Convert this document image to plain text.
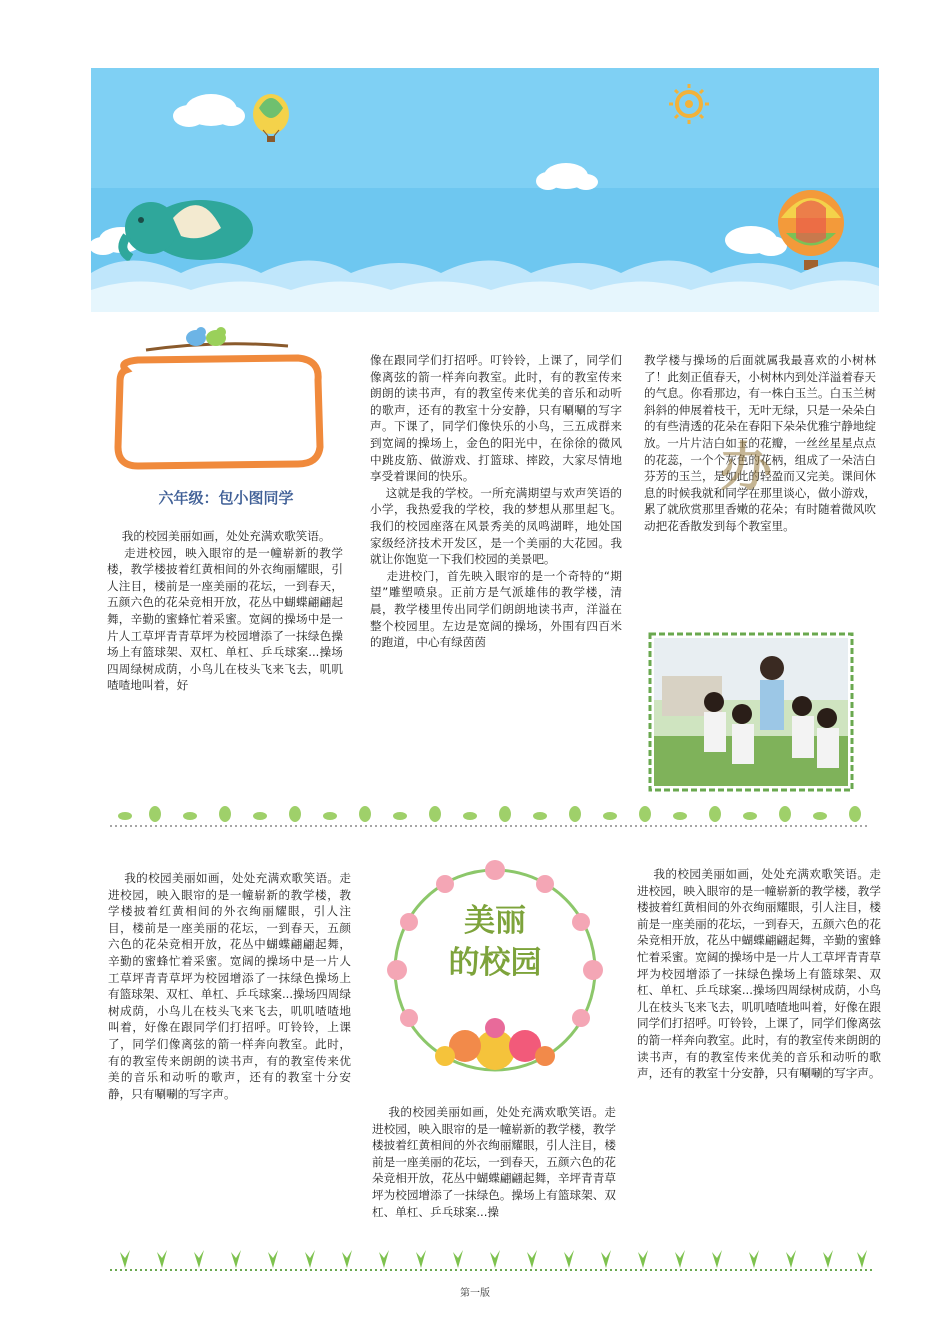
六年级：包小图同学
我的校园美丽如画，处处充满欢歌笑语。
走进校园，映入眼帘的是一幢崭新的教学楼，教学楼披着红黄相间的外衣绚丽耀眼，引人注目，楼前是一座美丽的花坛，一到春天，五颜六色的花朵竞相开放，花丛中蝴蝶翩翩起舞，辛勤的蜜蜂忙着采蜜。宽阔的操场中是一片人工草坪青青草坪为校园增添了一抹绿色操场上有篮球架、双杠、单杠、乒乓球案...操场四周绿树成荫，小鸟儿在枝头飞来飞去，叽叽喳喳地叫着，好
像在跟同学们打招呼。叮铃铃，上课了，同学们像离弦的箭一样奔向教室。此时，有的教室传来朗朗的读书声，有的教室传来优美的音乐和动听的歌声，还有的教室十分安静，只有唰唰的写字声。下课了，同学们像快乐的小鸟，三五成群来到宽阔的操场上，金色的阳光中，在徐徐的微风中跳皮筋、做游戏、打篮球、摔跤，大家尽情地享受着课间的快乐。
这就是我的学校。一所充满期望与欢声笑语的小学，我热爱我的学校，我的梦想从那里起飞。我们的校园座落在风景秀美的凤鸣湖畔，地处国家级经济技术开发区，是一个美丽的大花园。我就让你饱览一下我们校园的美景吧。
走进校门，首先映入眼帘的是一个奇特的“期望”雕塑喷泉。正前方是气派雄伟的教学楼，清晨，教学楼里传出同学们朗朗地读书声，洋溢在整个校园里。左边是宽阔的操场，外围有四百米的跑道，中心有绿茵茵
教学楼与操场的后面就属我最喜欢的小树林了！此刻正值春天，小树林内到处洋溢着春天的气息。你看那边，有一株白玉兰。白玉兰树斜斜的伸展着枝干，无叶无绿，只是一朵朵白的有些清透的花朵在春阳下朵朵优雅宁静地绽放。一片片洁白如玉的花瓣，一丝丝星星点点的花蕊，一个个灰色的花柄，组成了一朵洁白芬芳的玉兰，是如此的轻盈而又完美。课间休息的时候我就和同学在那里谈心，做小游戏，累了就欣赏那里香嫩的花朵；有时随着微风吹动把花香散发到每个教室里。
办
我的校园美丽如画，处处充满欢歌笑语。走进校园，映入眼帘的是一幢崭新的教学楼，教学楼披着红黄相间的外衣绚丽耀眼，引人注目，楼前是一座美丽的花坛，一到春天，五颜六色的花朵竞相开放，花丛中蝴蝶翩翩起舞，辛勤的蜜蜂忙着采蜜。宽阔的操场中是一片人工草坪青青草坪为校园增添了一抹绿色操场上有篮球架、双杠、单杠、乒乓球案...操场四周绿树成荫，小鸟儿在枝头飞来飞去，叽叽喳喳地叫着，好像在跟同学们打招呼。叮铃铃，上课了，同学们像离弦的箭一样奔向教室。此时，有的教室传来朗朗的读书声，有的教室传来优美的音乐和动听的歌声，还有的教室十分安静，只有唰唰的写字声。
美丽
的校园
我的校园美丽如画，处处充满欢歌笑语。走进校园，映入眼帘的是一幢崭新的教学楼，教学楼披着红黄相间的外衣绚丽耀眼，引人注目，楼前是一座美丽的花坛，一到春天，五颜六色的花朵竞相开放，花丛中蝴蝶翩翩起舞，辛坪青青草坪为校园增添了一抹绿色。操场上有篮球架、双杠、单杠、乒乓球案...操
我的校园美丽如画，处处充满欢歌笑语。走进校园，映入眼帘的是一幢崭新的教学楼，教学楼披着红黄相间的外衣绚丽耀眼，引人注目，楼前是一座美丽的花坛，一到春天，五颜六色的花朵竞相开放，花丛中蝴蝶翩翩起舞，辛勤的蜜蜂忙着采蜜。宽阔的操场中是一片人工草坪青青草坪为校园增添了一抹绿色操场上有篮球架、双杠、单杠、乒乓球案...操场四周绿树成荫，小鸟儿在枝头飞来飞去，叽叽喳喳地叫着，好像在跟同学们打招呼。叮铃铃，上课了，同学们像离弦的箭一样奔向教室。此时，有的教室传来朗朗的读书声，有的教室传来优美的音乐和动听的歌声，还有的教室十分安静，只有唰唰的写字声。
第一版
